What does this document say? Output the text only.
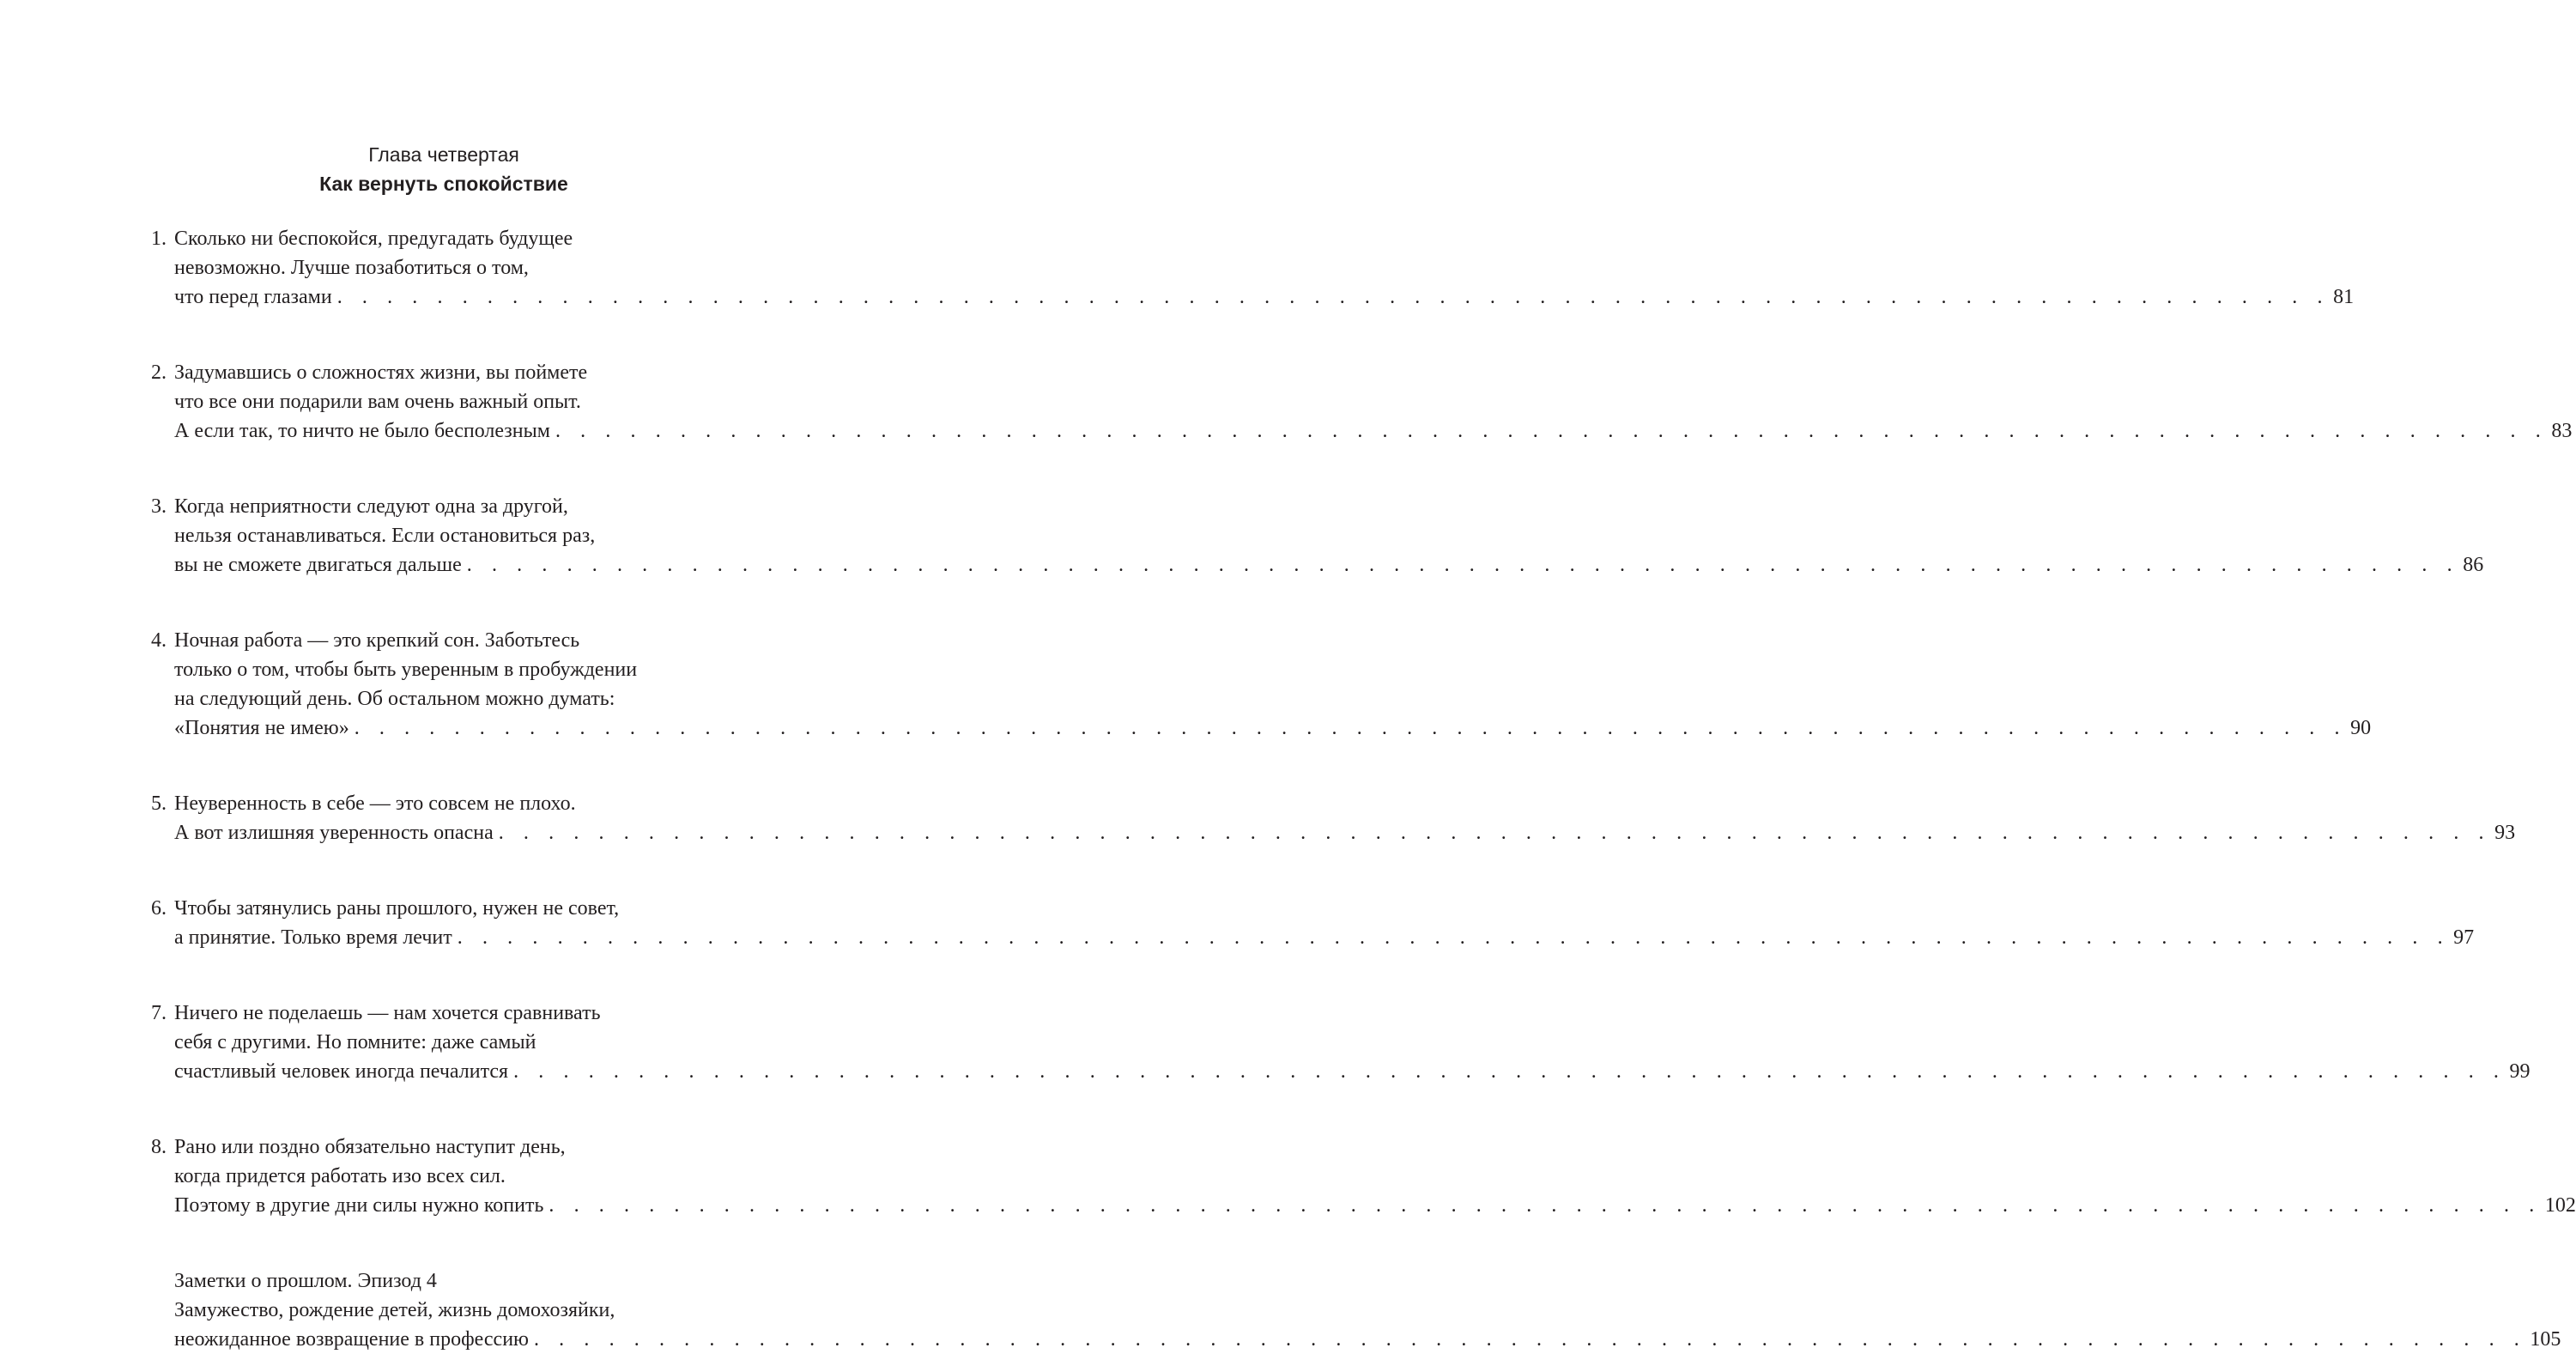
Глава четвертая
Как вернуть спокойствие
1. Сколько ни беспокойся, предугадать будущее
невозможно. Лучше позаботиться о том,
что перед глазами . . . . . . . . . . . . . . . . . . . . . . . . . . . . . . . . . . . . . . . . . . . . . . . . . . . . . . . . . . . . . . . . . . . . . . . . . . . . . . . . 81
2. Задумавшись о сложностях жизни, вы поймете
что все они подарили вам очень важный опыт.
А если так, то ничто не было бесполезным . . . . . . . . . . . . . . . . . . . . . . . . . . . . . . . . . . . . . . . . . . . . . . . . . . . . . . . . . . . . . . . . . . . . . . . . . . . . . . . . 83
3. Когда неприятности следуют одна за другой,
нельзя останавливаться. Если остановиться раз,
вы не сможете двигаться дальше . . . . . . . . . . . . . . . . . . . . . . . . . . . . . . . . . . . . . . . . . . . . . . . . . . . . . . . . . . . . . . . . . . . . . . . . . . . . . . . . 86
4. Ночная работа — это крепкий сон. Заботьтесь
только о том, чтобы быть уверенным в пробуждении
на следующий день. Об остальном можно думать:
«Понятия не имею» . . . . . . . . . . . . . . . . . . . . . . . . . . . . . . . . . . . . . . . . . . . . . . . . . . . . . . . . . . . . . . . . . . . . . . . . . . . . . . . . 90
5. Неуверенность в себе — это совсем не плохо.
А вот излишняя уверенность опасна . . . . . . . . . . . . . . . . . . . . . . . . . . . . . . . . . . . . . . . . . . . . . . . . . . . . . . . . . . . . . . . . . . . . . . . . . . . . . . . . 93
6. Чтобы затянулись раны прошлого, нужен не совет,
а принятие. Только время лечит . . . . . . . . . . . . . . . . . . . . . . . . . . . . . . . . . . . . . . . . . . . . . . . . . . . . . . . . . . . . . . . . . . . . . . . . . . . . . . . . 97
7. Ничего не поделаешь — нам хочется сравнивать
себя с другими. Но помните: даже самый
счастливый человек иногда печалится . . . . . . . . . . . . . . . . . . . . . . . . . . . . . . . . . . . . . . . . . . . . . . . . . . . . . . . . . . . . . . . . . . . . . . . . . . . . . . . . 99
8. Рано или поздно обязательно наступит день,
когда придется работать изо всех сил.
Поэтому в другие дни силы нужно копить . . . . . . . . . . . . . . . . . . . . . . . . . . . . . . . . . . . . . . . . . . . . . . . . . . . . . . . . . . . . . . . . . . . . . . . . . . . . . . . . 102
Заметки о прошлом. Эпизод 4
Замужество, рождение детей, жизнь домохозяйки,
неожиданное возвращение в профессию . . . . . . . . . . . . . . . . . . . . . . . . . . . . . . . . . . . . . . . . . . . . . . . . . . . . . . . . . . . . . . . . . . . . . . . . . . . . . . . . 105
